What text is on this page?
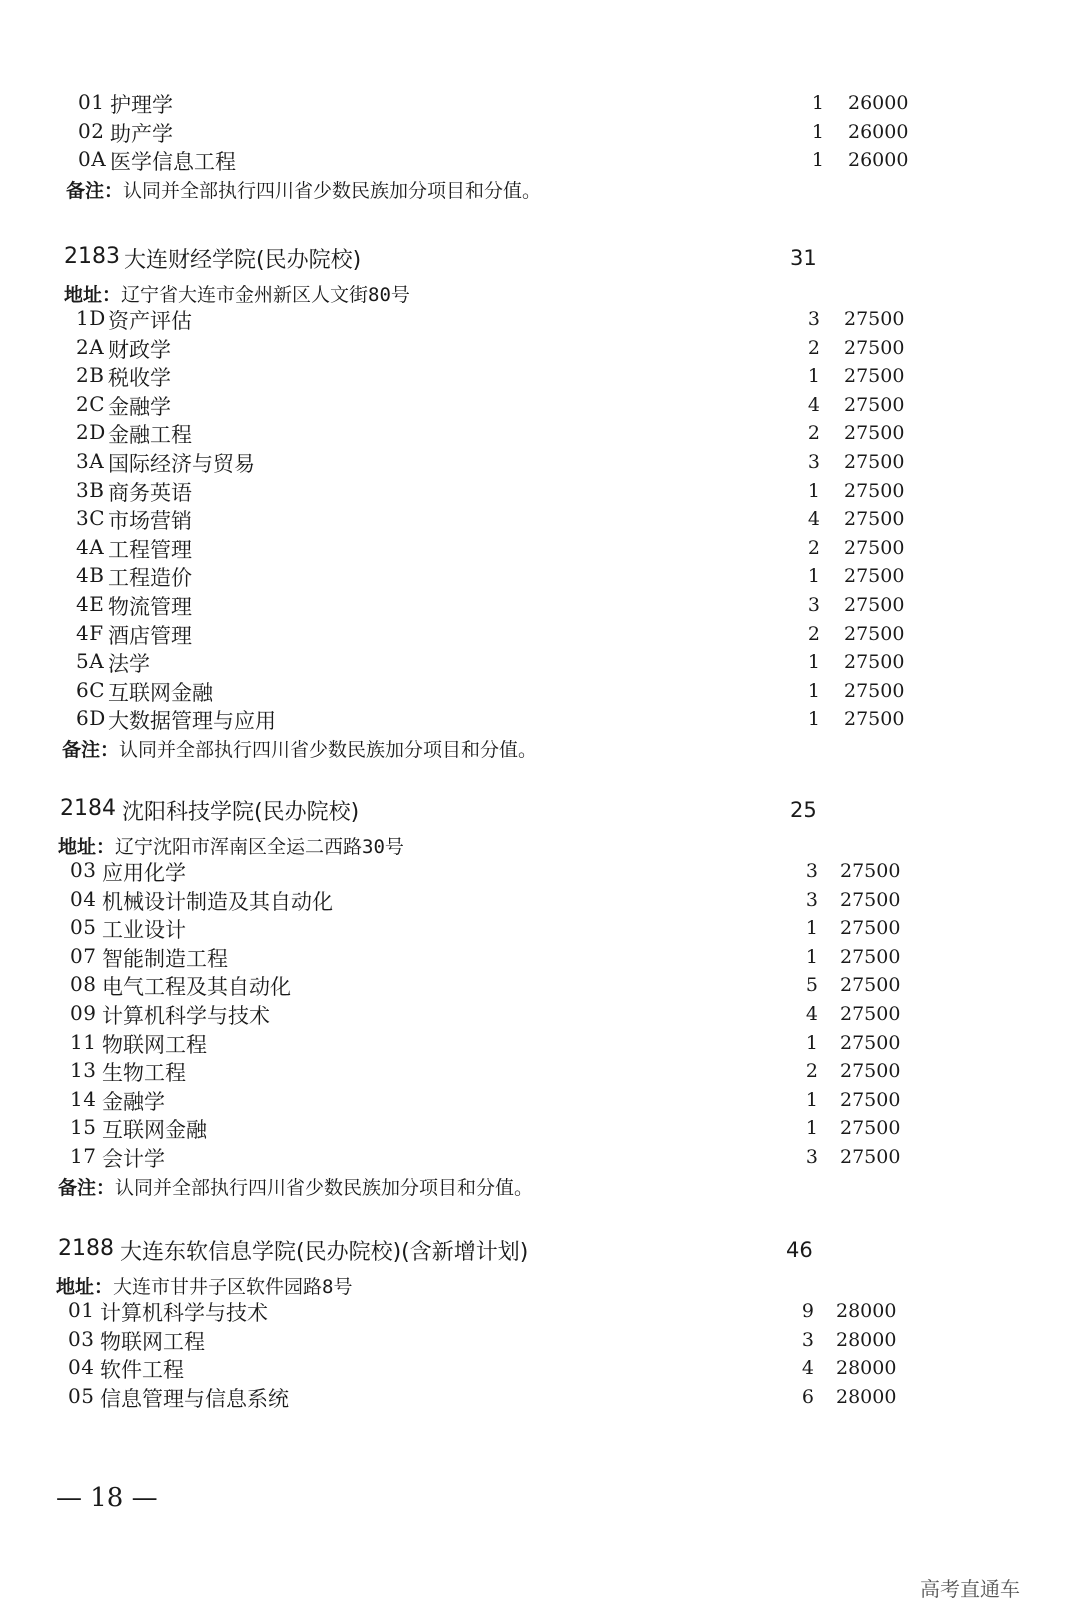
01 护理学	1 26000
02 助产学	1 26000
0A 医学信息工程	1 26000
备注：认同并全部执行四川省少数民族加分项目和分值。
2183 大连财经学院(民办院校)	31
地址：辽宁省大连市金州新区人文街80号
1D 资产评估	3 27500
2A 财政学	2 27500
2B 税收学	1 27500
2C 金融学	4 27500
2D 金融工程	2 27500
3A 国际经济与贸易	3 27500
3B 商务英语	1 27500
3C 市场营销	4 27500
4A 工程管理	2 27500
4B 工程造价	1 27500
4E 物流管理	3 27500
4F 酒店管理	2 27500
5A 法学	1 27500
6C 互联网金融	1 27500
6D 大数据管理与应用	1 27500
备注：认同并全部执行四川省少数民族加分项目和分值。
2184 沈阳科技学院(民办院校)	25
地址：辽宁沈阳市浑南区全运二西路30号
03 应用化学	3 27500
04 机械设计制造及其自动化	3 27500
05 工业设计	1 27500
07 智能制造工程	1 27500
08 电气工程及其自动化	5 27500
09 计算机科学与技术	4 27500
11 物联网工程	1 27500
13 生物工程	2 27500
14 金融学	1 27500
15 互联网金融	1 27500
17 会计学	3 27500
备注：认同并全部执行四川省少数民族加分项目和分值。
2188 大连东软信息学院(民办院校)(含新增计划)	46
地址：大连市甘井子区软件园路8号
01 计算机科学与技术	9 28000
03 物联网工程	3 28000
04 软件工程	4 28000
05 信息管理与信息系统	6 28000
— 18 —
高考直通车
